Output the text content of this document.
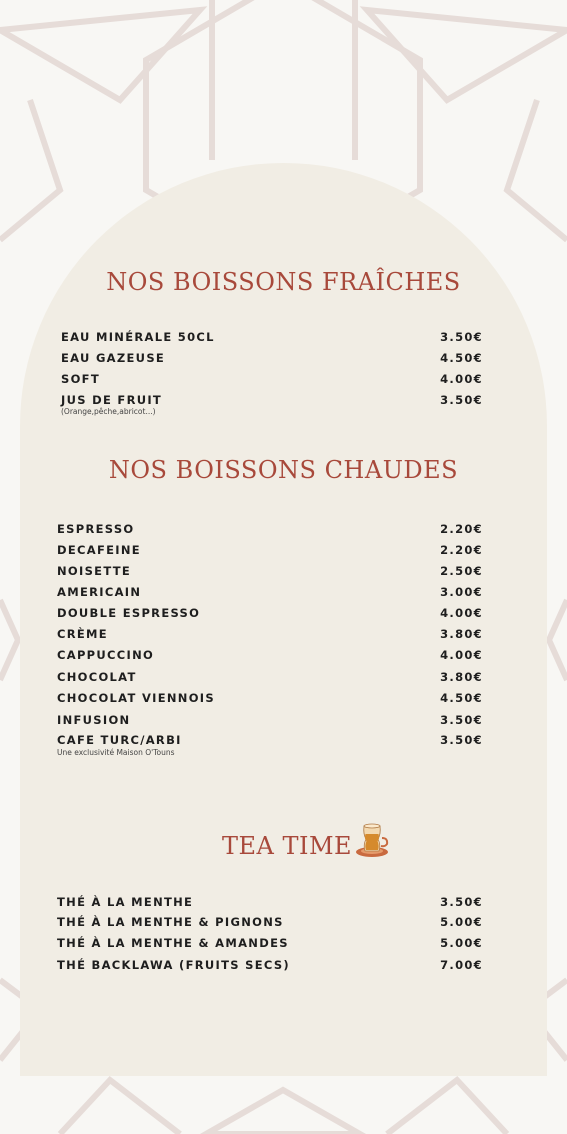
NOS BOISSONS FRAÎCHES
EAU MINÉRALE 50CL	3.50€
EAU GAZEUSE	4.50€
SOFT	4.00€
JUS DE FRUIT	3.50€
(Orange,pêche,abricot...)
NOS BOISSONS CHAUDES
ESPRESSO	2.20€
DECAFEINE	2.20€
NOISETTE	2.50€
AMERICAIN	3.00€
DOUBLE ESPRESSO	4.00€
CRÈME	3.80€
CAPPUCCINO	4.00€
CHOCOLAT	3.80€
CHOCOLAT VIENNOIS	4.50€
INFUSION	3.50€
CAFE TURC/ARBI	3.50€
Une exclusivité Maison O'Touns
TEA TIME
THÉ À LA MENTHE	3.50€
THÉ À LA MENTHE & PIGNONS	5.00€
THÉ À LA MENTHE & AMANDES	5.00€
THÉ BACKLAWA (FRUITS SECS)	7.00€
